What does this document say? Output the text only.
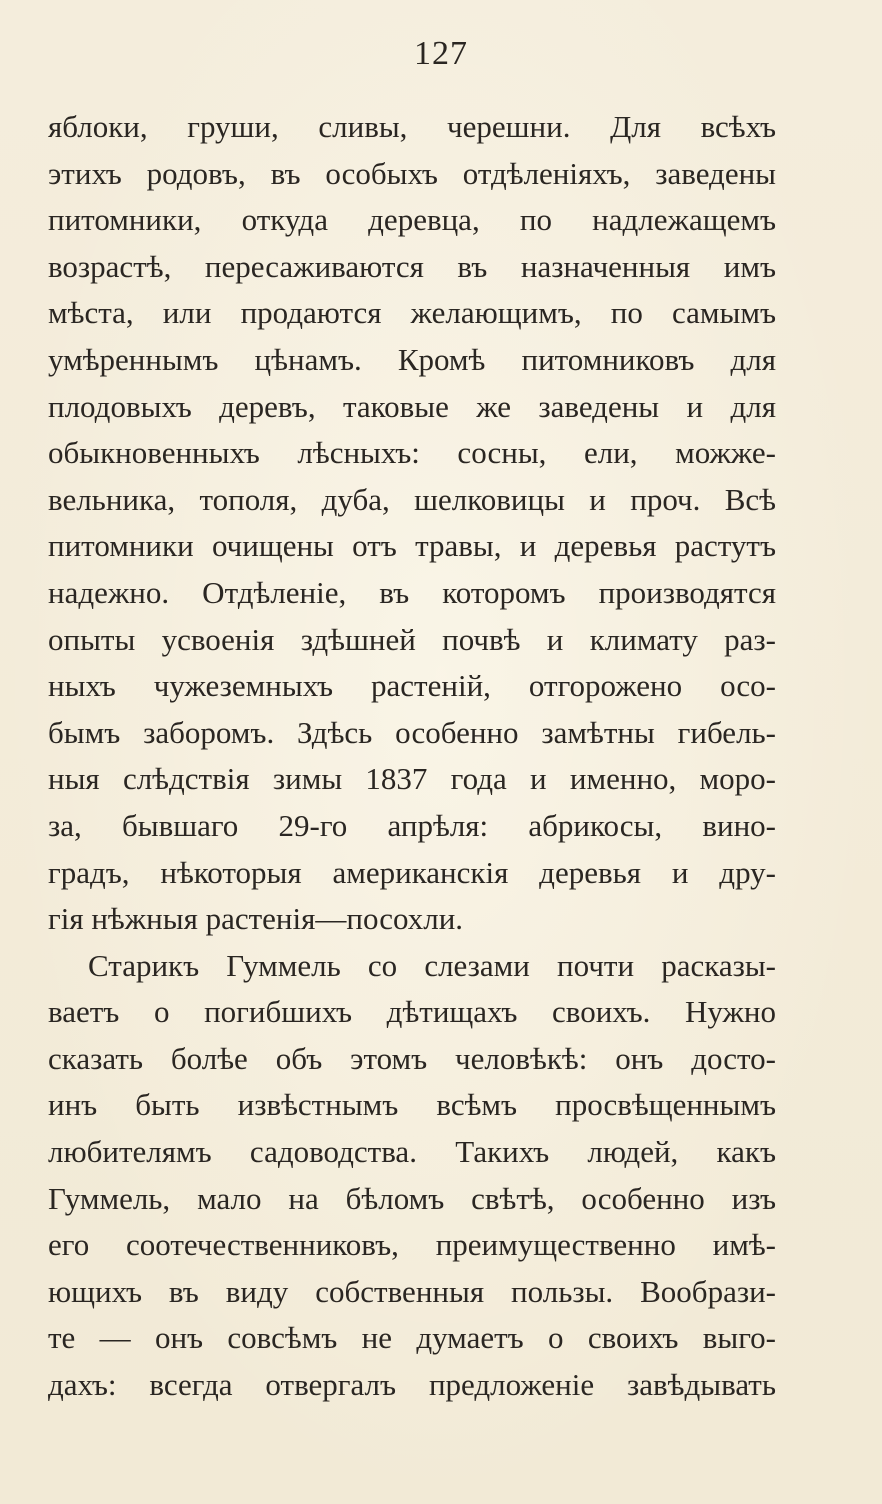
127
яблоки, груши, сливы, черешни. Для всѣхъ
этихъ родовъ, въ особыхъ отдѣленіяхъ, заведены
питомники, откуда деревца, по надлежащемъ
возрастѣ, пересаживаются въ назначенныя имъ
мѣста, или продаются желающимъ, по самымъ
умѣреннымъ цѣнамъ. Кромѣ питомниковъ для
плодовыхъ деревъ, таковые же заведены и для
обыкновенныхъ лѣсныхъ: сосны, ели, можже-
вельника, тополя, дуба, шелковицы и проч. Всѣ
питомники очищены отъ травы, и деревья растутъ
надежно. Отдѣленіе, въ которомъ производятся
опыты усвоенія здѣшней почвѣ и климату раз-
ныхъ чужеземныхъ растеній, отгорожено осо-
бымъ заборомъ. Здѣсь особенно замѣтны гибель-
ныя слѣдствія зимы 1837 года и именно, моро-
за, бывшаго 29-го апрѣля: абрикосы, вино-
градъ, нѣкоторыя американскія деревья и дру-
гія нѣжныя растенія—посохли.
Старикъ Гуммель со слезами почти расказы-
ваетъ о погибшихъ дѣтищахъ своихъ. Нужно
сказать болѣе объ этомъ человѣкѣ: онъ досто-
инъ быть извѣстнымъ всѣмъ просвѣщеннымъ
любителямъ садоводства. Такихъ людей, какъ
Гуммель, мало на бѣломъ свѣтѣ, особенно изъ
его соотечественниковъ, преимущественно имѣ-
ющихъ въ виду собственныя пользы. Вообрази-
те — онъ совсѣмъ не думаетъ о своихъ выго-
дахъ: всегда отвергалъ предложеніе завѣдывать
